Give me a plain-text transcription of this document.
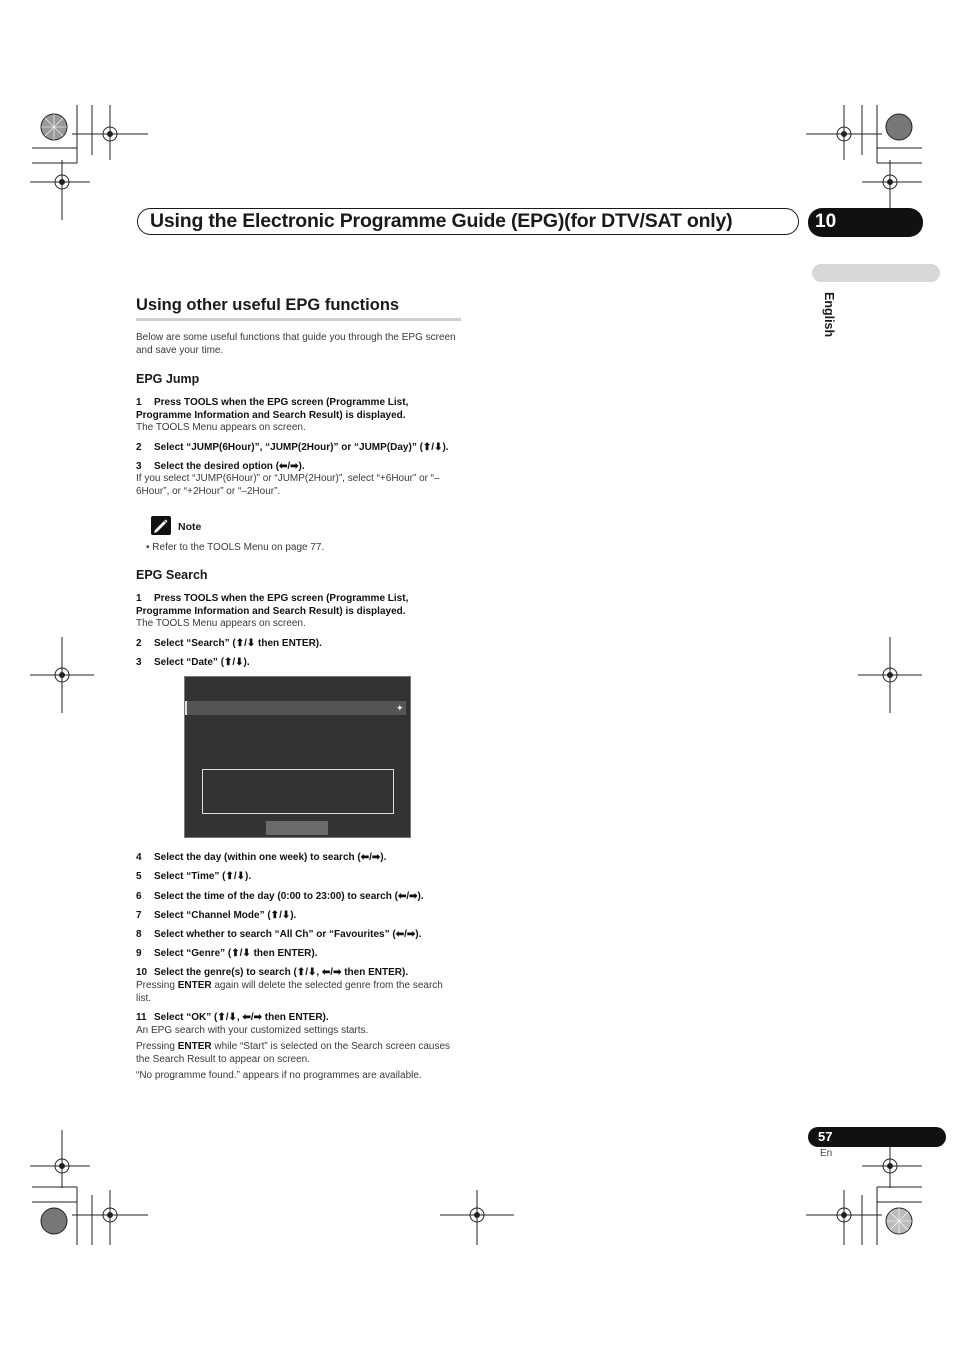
Using the Electronic Programme Guide (EPG)(for DTV/SAT only)	10
English
Using other useful EPG functions
Below are some useful functions that guide you through the EPG screen and save your time.
EPG Jump
1 Press TOOLS when the EPG screen (Programme List,
Programme Information and Search Result) is displayed.
The TOOLS Menu appears on screen.
2 Select “JUMP(6Hour)”, “JUMP(2Hour)” or “JUMP(Day)” (⬆/⬇).
3 Select the desired option (⬅/➡).
If you select “JUMP(6Hour)” or “JUMP(2Hour)”, select “+6Hour” or “–6Hour”, or “+2Hour” or “–2Hour”.
Note
• Refer to the TOOLS Menu on page 77.
EPG Search
1 Press TOOLS when the EPG screen (Programme List,
Programme Information and Search Result) is displayed.
The TOOLS Menu appears on screen.
2 Select “Search” (⬆/⬇ then ENTER).
3 Select “Date” (⬆/⬇).
✦
4 Select the day (within one week) to search (⬅/➡).
5 Select “Time” (⬆/⬇).
6 Select the time of the day (0:00 to 23:00) to search (⬅/➡).
7 Select “Channel Mode” (⬆/⬇).
8 Select whether to search “All Ch” or “Favourites” (⬅/➡).
9 Select “Genre” (⬆/⬇ then ENTER).
10 Select the genre(s) to search (⬆/⬇, ⬅/➡ then ENTER).
Pressing ENTER again will delete the selected genre from the search list.
11 Select “OK” (⬆/⬇, ⬅/➡ then ENTER).
An EPG search with your customized settings starts.
Pressing ENTER while “Start” is selected on the Search screen causes the Search Result to appear on screen.
“No programme found.” appears if no programmes are available.
57
En
